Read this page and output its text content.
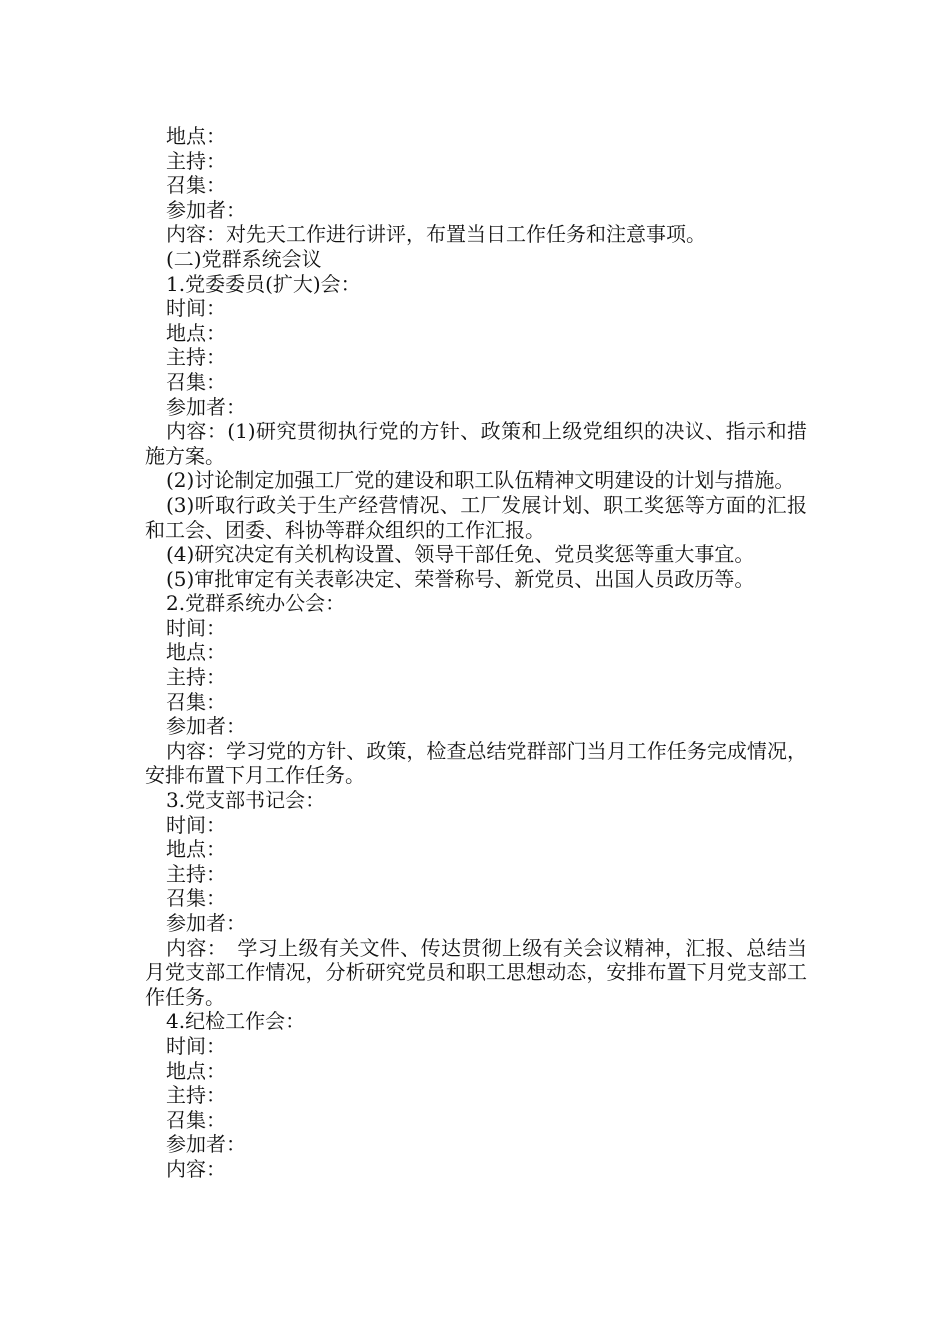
地点：

主持：

召集：

参加者：

内容：对先天工作进行讲评，布置当日工作任务和注意事项。

(二)党群系统会议

1.党委委员(扩大)会：

时间：

地点：

主持：

召集：

参加者：

内容：(1)研究贯彻执行党的方针、政策和上级党组织的决议、指示和措施方案。

(2)讨论制定加强工厂党的建设和职工队伍精神文明建设的计划与措施。

(3)听取行政关于生产经营情况、工厂发展计划、职工奖惩等方面的汇报和工会、团委、科协等群众组织的工作汇报。

(4)研究决定有关机构设置、领导干部任免、党员奖惩等重大事宜。

(5)审批审定有关表彰决定、荣誉称号、新党员、出国人员政历等。

2.党群系统办公会：

时间：

地点：

主持：

召集：

参加者：

内容：学习党的方针、政策，检查总结党群部门当月工作任务完成情况，安排布置下月工作任务。

3.党支部书记会：

时间：

地点：

主持：

召集：

参加者：

内容：　学习上级有关文件、传达贯彻上级有关会议精神，汇报、总结当月党支部工作情况，分析研究党员和职工思想动态，安排布置下月党支部工作任务。

4.纪检工作会：

时间：

地点：

主持：

召集：

参加者：

内容：
